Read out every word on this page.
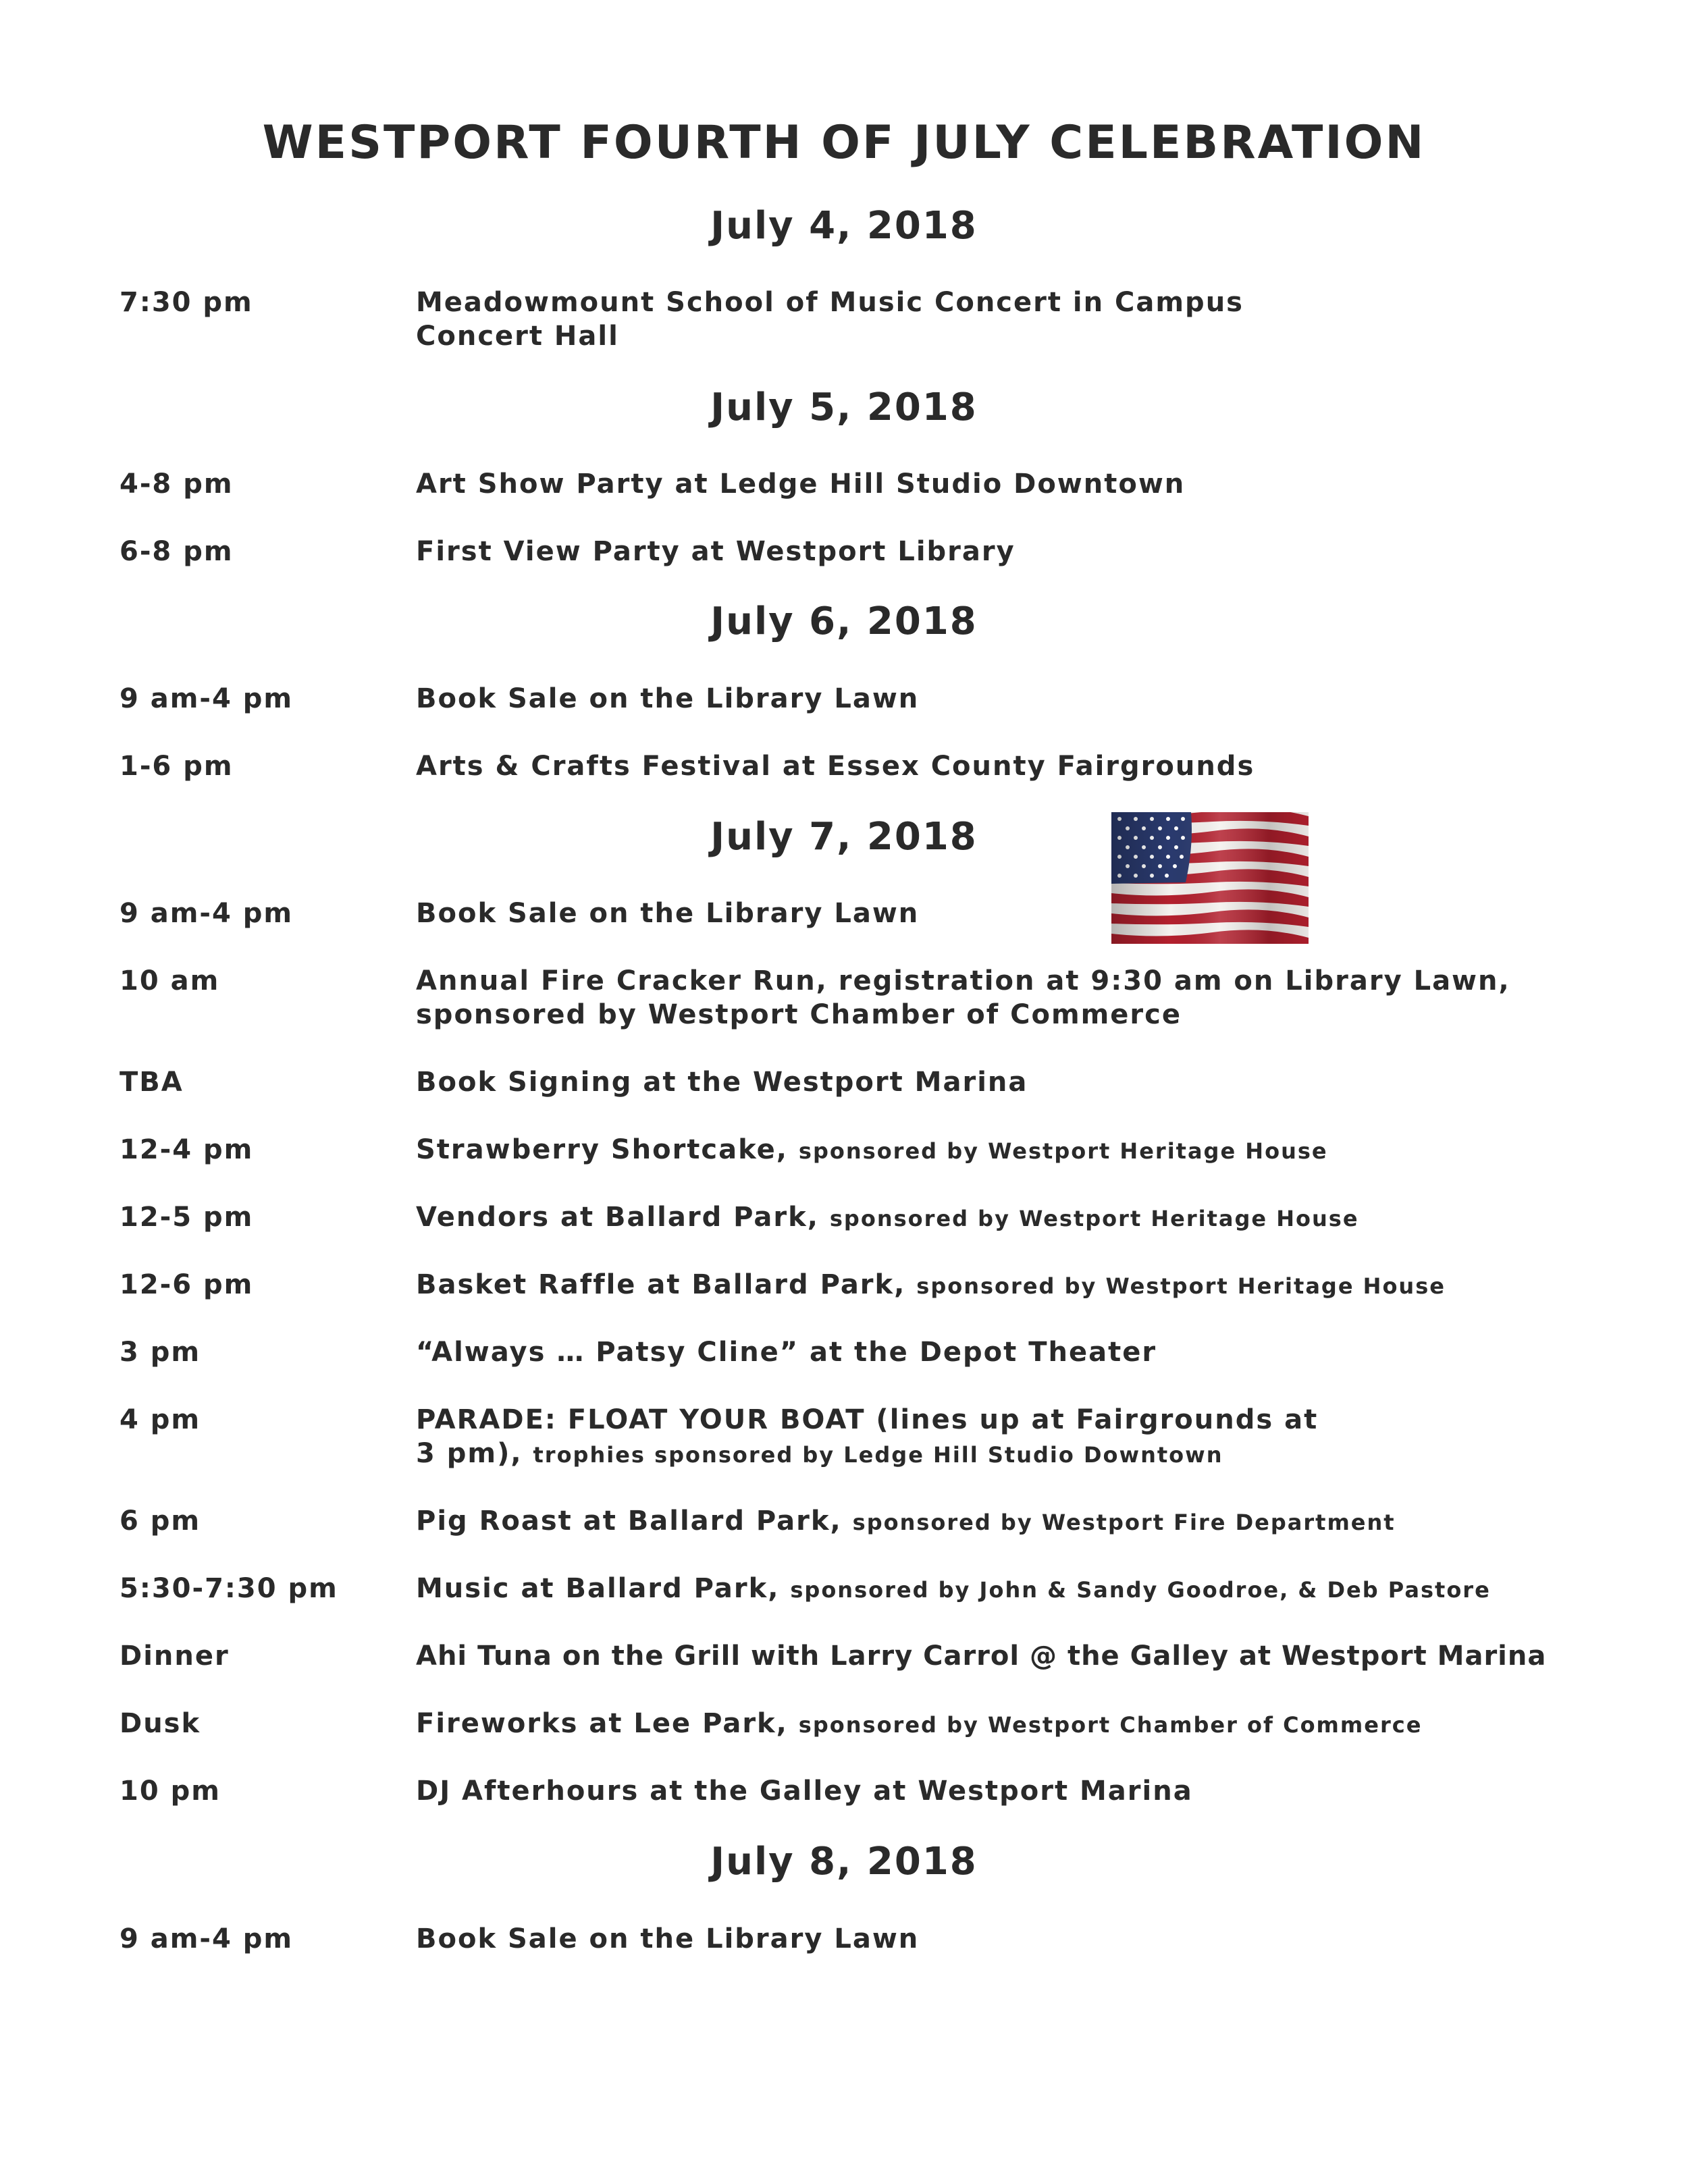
WESTPORT FOURTH OF JULY CELEBRATION
July 4, 2018
7:30 pm	Meadowmount School of Music Concert in Campus
Concert Hall
July 5, 2018
4-8 pm	Art Show Party at Ledge Hill Studio Downtown
6-8 pm	First View Party at Westport Library
July 6, 2018
9 am-4 pm	Book Sale on the Library Lawn
1-6 pm	Arts & Crafts Festival at Essex County Fairgrounds
July 7, 2018
9 am-4 pm	Book Sale on the Library Lawn
10 am	Annual Fire Cracker Run, registration at 9:30 am on Library Lawn,
sponsored by Westport Chamber of Commerce
TBA	Book Signing at the Westport Marina
12-4 pm	Strawberry Shortcake, sponsored by Westport Heritage House
12-5 pm	Vendors at Ballard Park, sponsored by Westport Heritage House
12-6 pm	Basket Raffle at Ballard Park, sponsored by Westport Heritage House
3 pm	“Always … Patsy Cline” at the Depot Theater
4 pm	PARADE: FLOAT YOUR BOAT (lines up at Fairgrounds at
3 pm), trophies sponsored by Ledge Hill Studio Downtown
6 pm	Pig Roast at Ballard Park, sponsored by Westport Fire Department
5:30-7:30 pm	Music at Ballard Park, sponsored by John & Sandy Goodroe, & Deb Pastore
Dinner	Ahi Tuna on the Grill with Larry Carrol @ the Galley at Westport Marina
Dusk	Fireworks at Lee Park, sponsored by Westport Chamber of Commerce
10 pm	DJ Afterhours at the Galley at Westport Marina
July 8, 2018
9 am-4 pm	Book Sale on the Library Lawn
